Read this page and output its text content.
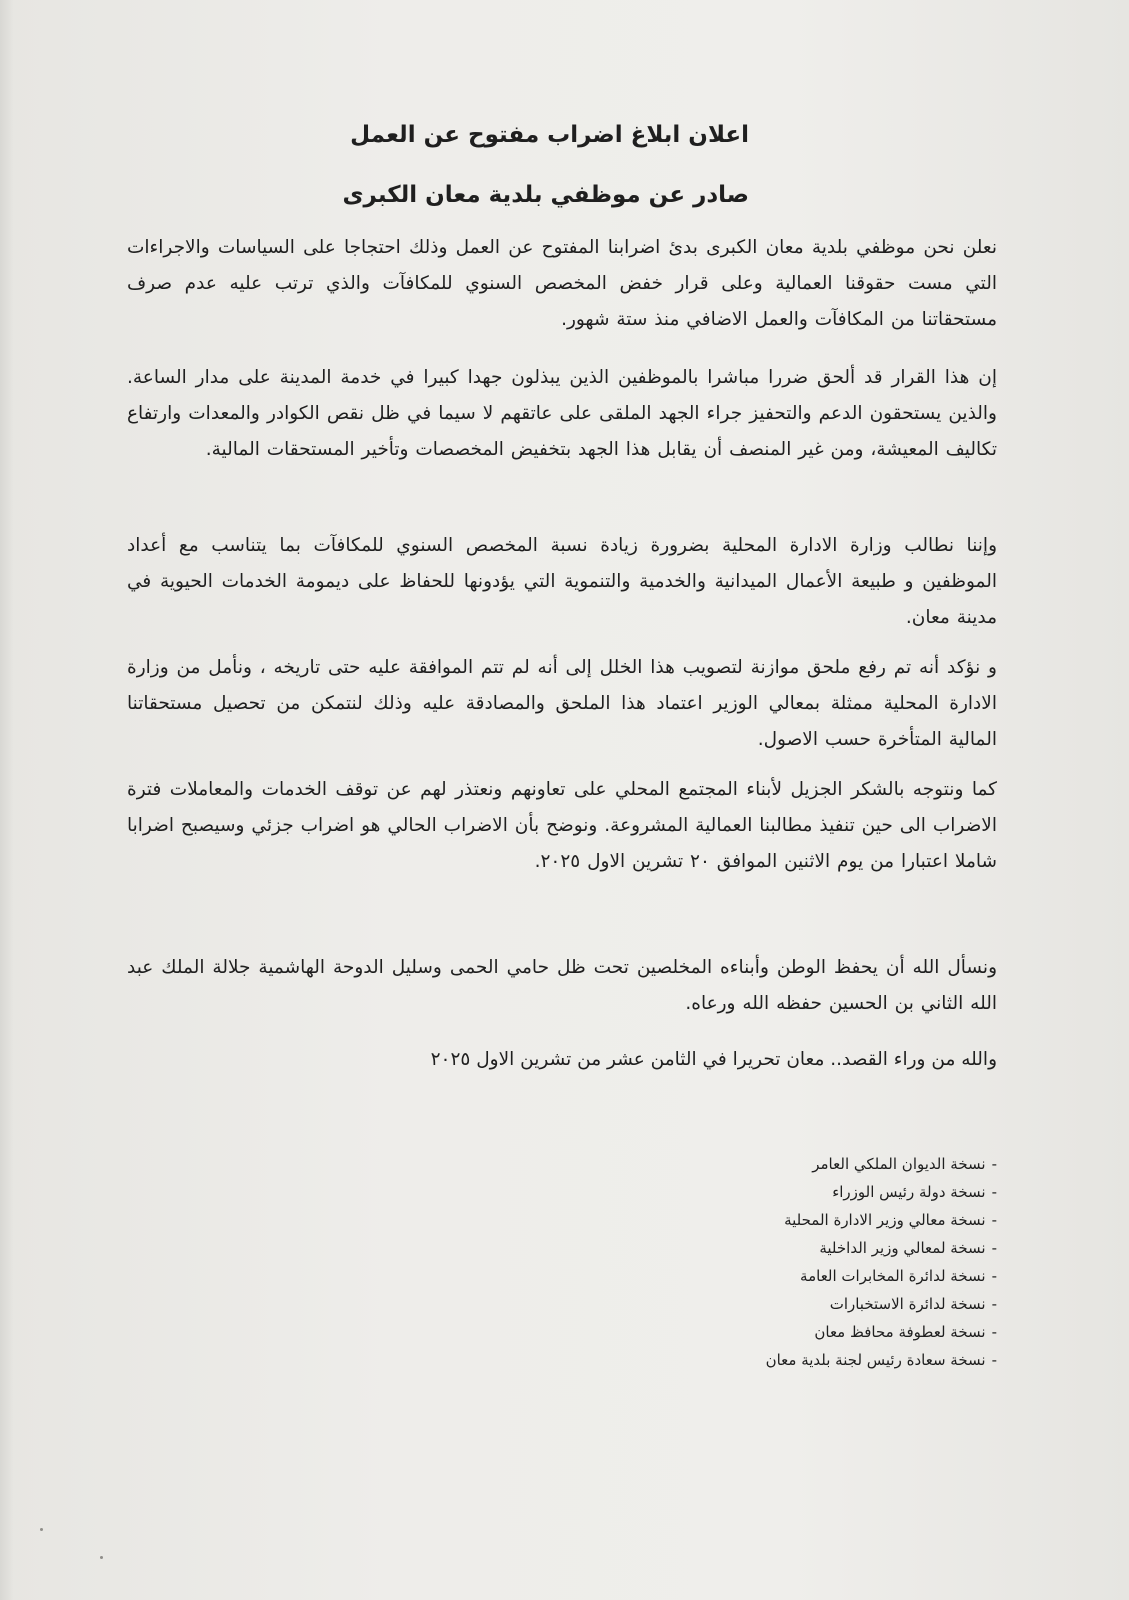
اعلان ابلاغ اضراب مفتوح عن العمل
صادر عن موظفي بلدية معان الكبرى

نعلن نحن موظفي بلدية معان الكبرى بدئ اضرابنا المفتوح عن العمل وذلك احتجاجا على السياسات والاجراءات التي مست حقوقنا العمالية وعلى قرار خفض المخصص السنوي للمكافآت والذي ترتب عليه عدم صرف مستحقاتنا من المكافآت والعمل الاضافي منذ ستة شهور.

إن هذا القرار قد ألحق ضررا مباشرا بالموظفين الذين يبذلون جهدا كبيرا في خدمة المدينة على مدار الساعة. والذين يستحقون الدعم والتحفيز جراء الجهد الملقى على عاتقهم لا سيما في ظل نقص الكوادر والمعدات وارتفاع تكاليف المعيشة، ومن غير المنصف أن يقابل هذا الجهد بتخفيض المخصصات وتأخير المستحقات المالية.

وإننا نطالب وزارة الادارة المحلية بضرورة زيادة نسبة المخصص السنوي للمكافآت بما يتناسب مع أعداد الموظفين و طبيعة الأعمال الميدانية والخدمية والتنموية التي يؤدونها للحفاظ على ديمومة الخدمات الحيوية في مدينة معان.

و نؤكد أنه تم رفع ملحق موازنة لتصويب هذا الخلل إلى أنه لم تتم الموافقة عليه حتى تاريخه ، ونأمل من وزارة الادارة المحلية ممثلة بمعالي الوزير اعتماد هذا الملحق والمصادقة عليه وذلك لنتمكن من تحصيل مستحقاتنا المالية المتأخرة حسب الاصول.

كما ونتوجه بالشكر الجزيل لأبناء المجتمع المحلي على تعاونهم ونعتذر لهم عن توقف الخدمات والمعاملات فترة الاضراب الى حين تنفيذ مطالبنا العمالية المشروعة. ونوضح بأن الاضراب الحالي هو اضراب جزئي وسيصبح اضرابا شاملا اعتبارا من يوم الاثنين الموافق ٢٠ تشرين الاول ٢٠٢٥.

ونسأل الله أن يحفظ الوطن وأبناءه المخلصين تحت ظل حامي الحمى وسليل الدوحة الهاشمية جلالة الملك عبد الله الثاني بن الحسين حفظه الله ورعاه.

والله من وراء القصد.. معان تحريرا في الثامن عشر من تشرين الاول ٢٠٢٥

-نسخة الديوان الملكي العامر
-نسخة دولة رئيس الوزراء
-نسخة معالي وزير الادارة المحلية
-نسخة لمعالي وزير الداخلية
-نسخة لدائرة المخابرات العامة
-نسخة لدائرة الاستخبارات
-نسخة لعطوفة محافظ معان
-نسخة سعادة رئيس لجنة بلدية معان
